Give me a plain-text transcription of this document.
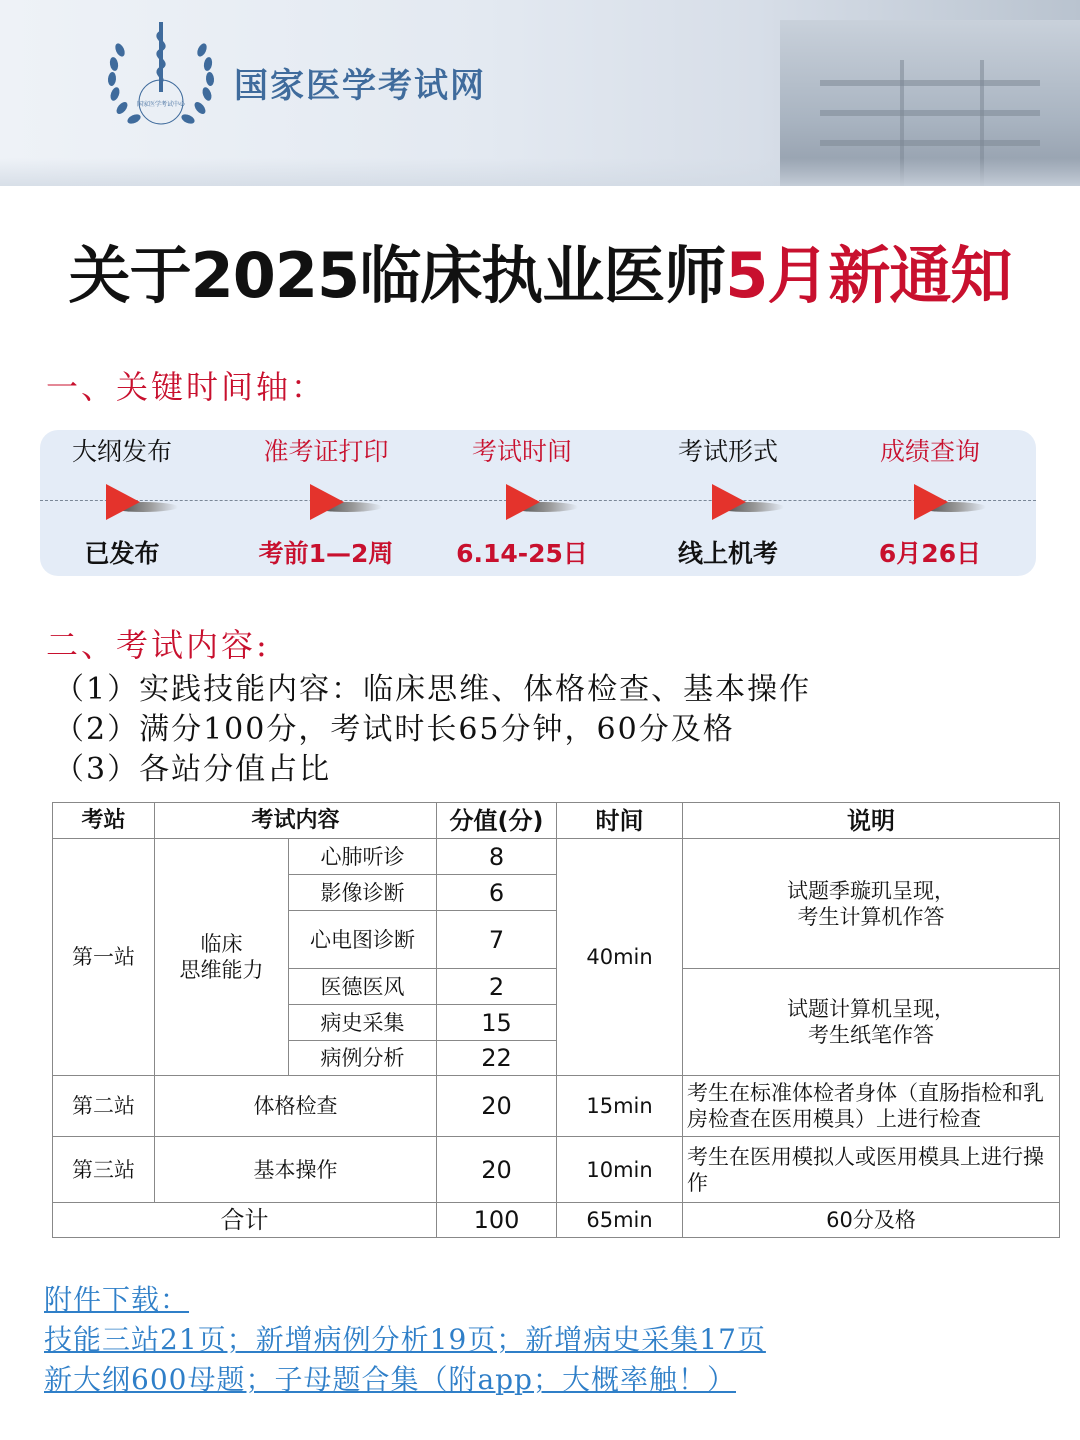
国家医学考试中心 国家医学考试网
关于2025临床执业医师5月新通知
一、关键时间轴：
大纲发布
已发布
准考证打印
考前1—2周
考试时间
6.14-25日
考试形式
线上机考
成绩查询
6月26日
二、考试内容:
（1）实践技能内容：临床思维、体格检查、基本操作
（2）满分100分，考试时长65分钟，60分及格
（3）各站分值占比
考站	考试内容		分值(分)	时间	说明
第一站	临床
思维能力	心肺听诊	8	40min	试题季璇玑呈现，
考生计算机作答
		影像诊断	6		
		心电图诊断	7		
		医德医风	2		试题计算机呈现，
考生纸笔作答
		病史采集	15		
		病例分析	22		
第二站	体格检查		20	15min	考生在标准体检者身体（直肠指检和乳房检查在医用模具）上进行检查
第三站	基本操作		20	10min	考生在医用模拟人或医用模具上进行操作
合计			100	65min	60分及格
附件下载：
技能三站21页；新增病例分析19页；新增病史采集17页
新大纲600母题；子母题合集（附app；大概率触！）
